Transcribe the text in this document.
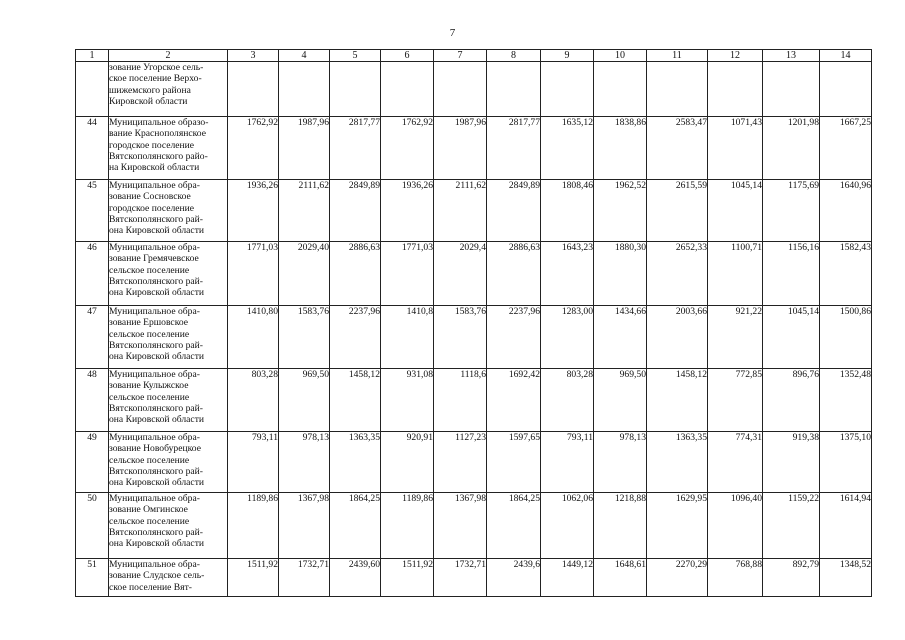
7
1	2	3	4	5	6	7	8	9	10	11	12	13	14

	зование Угорское сель-
ское поселение Верхо-
шижемского района
Кировской области												

44	Муниципальное образо-
вание Краснополянское
городское поселение
Вятскополянского райо-
на Кировской области	1762,92	1987,96	2817,77	1762,92	1987,96	2817,77	1635,12	1838,86	2583,47	1071,43	1201,98	1667,25
45	Муниципальное обра-
зование Сосновское
городское поселение
Вятскополянского рай-
она Кировской области	1936,26	2111,62	2849,89	1936,26	2111,62	2849,89	1808,46	1962,52	2615,59	1045,14	1175,69	1640,96
46	Муниципальное обра-
зование Гремячевское
сельское поселение
Вятскополянского рай-
она Кировской области	1771,03	2029,40	2886,63	1771,03	2029,4	2886,63	1643,23	1880,30	2652,33	1100,71	1156,16	1582,43
47	Муниципальное обра-
зование Ершовское
сельское поселение
Вятскополянского рай-
она Кировской области	1410,80	1583,76	2237,96	1410,8	1583,76	2237,96	1283,00	1434,66	2003,66	921,22	1045,14	1500,86
48	Муниципальное обра-
зование Кулыжское
сельское поселение
Вятскополянского рай-
она Кировской области	803,28	969,50	1458,12	931,08	1118,6	1692,42	803,28	969,50	1458,12	772,85	896,76	1352,48
49	Муниципальное обра-
зование Новобурецкое
сельское поселение
Вятскополянского рай-
она Кировской области	793,11	978,13	1363,35	920,91	1127,23	1597,65	793,11	978,13	1363,35	774,31	919,38	1375,10
50	Муниципальное обра-
зование Омгинское
сельское поселение
Вятскополянского рай-
она Кировской области	1189,86	1367,98	1864,25	1189,86	1367,98	1864,25	1062,06	1218,88	1629,95	1096,40	1159,22	1614,94
51	Муниципальное обра-
зование Слудское сель-
ское поселение Вят-	1511,92	1732,71	2439,60	1511,92	1732,71	2439,6	1449,12	1648,61	2270,29	768,88	892,79	1348,52
